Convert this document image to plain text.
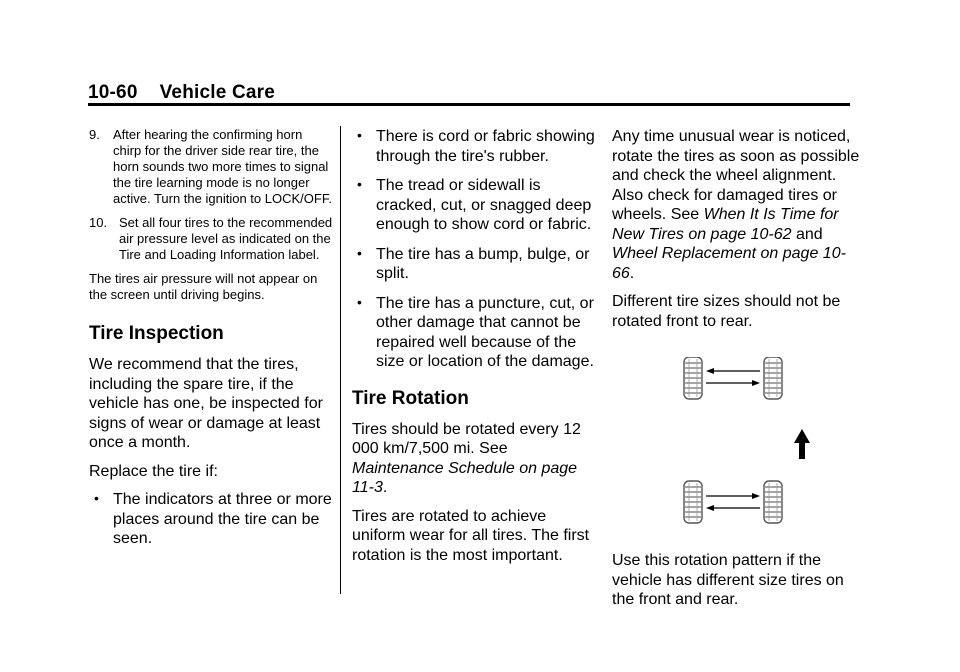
10-60 Vehicle Care
9. After hearing the confirming horn chirp for the driver side rear tire, the horn sounds two more times to signal the tire learning mode is no longer active. Turn the ignition to LOCK/OFF.
10. Set all four tires to the recommended air pressure level as indicated on the Tire and Loading Information label.

The tires air pressure will not appear on the screen until driving begins.

Tire Inspection

We recommend that the tires, including the spare tire, if the vehicle has one, be inspected for signs of wear or damage at least once a month.

Replace the tire if:

• The indicators at three or more places around the tire can be seen.
• There is cord or fabric showing through the tire's rubber.
• The tread or sidewall is cracked, cut, or snagged deep enough to show cord or fabric.
• The tire has a bump, bulge, or split.
• The tire has a puncture, cut, or other damage that cannot be repaired well because of the size or location of the damage.
Tire Rotation

Tires should be rotated every 12 000 km/7,500 mi. See Maintenance Schedule on page 11-3.

Tires are rotated to achieve uniform wear for all tires. The first rotation is the most important.

Any time unusual wear is noticed, rotate the tires as soon as possible and check the wheel alignment. Also check for damaged tires or wheels. See When It Is Time for New Tires on page 10-62 and Wheel Replacement on page 10-66.

Different tire sizes should not be rotated front to rear.

Use this rotation pattern if the vehicle has different size tires on the front and rear.
